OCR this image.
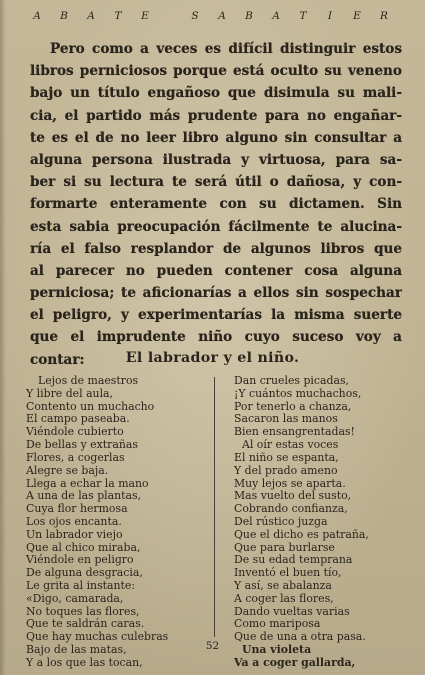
A	B	A	T	E	S	A	B	A	T	I	E	R
Pero como a veces es difícil distinguir estos
libros perniciosos porque está oculto su veneno
bajo un título engañoso que disimula su mali-
cia, el partido más prudente para no engañar-
te es el de no leer libro alguno sin consultar a
alguna persona ilustrada y virtuosa, para sa-
ber si su lectura te será útil o dañosa, y con-
formarte enteramente con su dictamen. Sin
esta sabia preocupación fácilmente te alucina-
ría el falso resplandor de algunos libros que
al parecer no pueden contener cosa alguna
perniciosa; te aficionarías a ellos sin sospechar
el peligro, y experimentarías la misma suerte
que el imprudente niño cuyo suceso voy a
contar:	El labrador y el niño.
Lejos de maestros
Y libre del aula,
Contento un muchacho
El campo paseaba.
Viéndole cubierto
De bellas y extrañas
Flores, a cogerlas
Alegre se baja.
Llega a echar la mano
A una de las plantas,
Cuya flor hermosa
Los ojos encanta.
Un labrador viejo
Que al chico miraba,
Viéndole en peligro
De alguna desgracia,
Le grita al instante:
«Digo, camarada,
No toques las flores,
Que te saldrán caras.
Que hay muchas culebras
Bajo de las matas,
Y a los que las tocan,
Dan crueles picadas,
¡Y cuántos muchachos,
Por tenerlo a chanza,
Sacaron las manos
Bien ensangrentadas!
Al oír estas voces
El niño se espanta,
Y del prado ameno
Muy lejos se aparta.
Mas vuelto del susto,
Cobrando confianza,
Del rústico juzga
Que el dicho es patraña,
Que para burlarse
De su edad temprana
Inventó el buen tío,
Y así, se abalanza
A coger las flores,
Dando vueltas varias
Como mariposa
Que de una a otra pasa.
Una violeta
Va a coger gallarda,
52
